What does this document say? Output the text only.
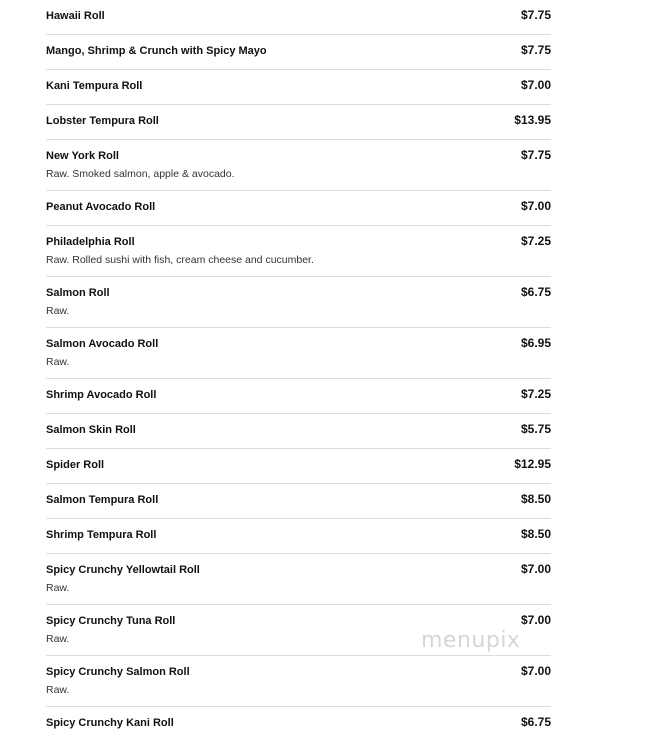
Hawaii Roll	$7.75
Mango, Shrimp & Crunch with Spicy Mayo	$7.75
Kani Tempura Roll	$7.00
Lobster Tempura Roll	$13.95
New York Roll	$7.75
Raw. Smoked salmon, apple & avocado.
Peanut Avocado Roll	$7.00
Philadelphia Roll	$7.25
Raw. Rolled sushi with fish, cream cheese and cucumber.
Salmon Roll	$6.75
Raw.
Salmon Avocado Roll	$6.95
Raw.
Shrimp Avocado Roll	$7.25
Salmon Skin Roll	$5.75
Spider Roll	$12.95
Salmon Tempura Roll	$8.50
Shrimp Tempura Roll	$8.50
Spicy Crunchy Yellowtail Roll	$7.00
Raw.
Spicy Crunchy Tuna Roll	$7.00
Raw.
Spicy Crunchy Salmon Roll	$7.00
Raw.
Spicy Crunchy Kani Roll	$6.75
menupix
